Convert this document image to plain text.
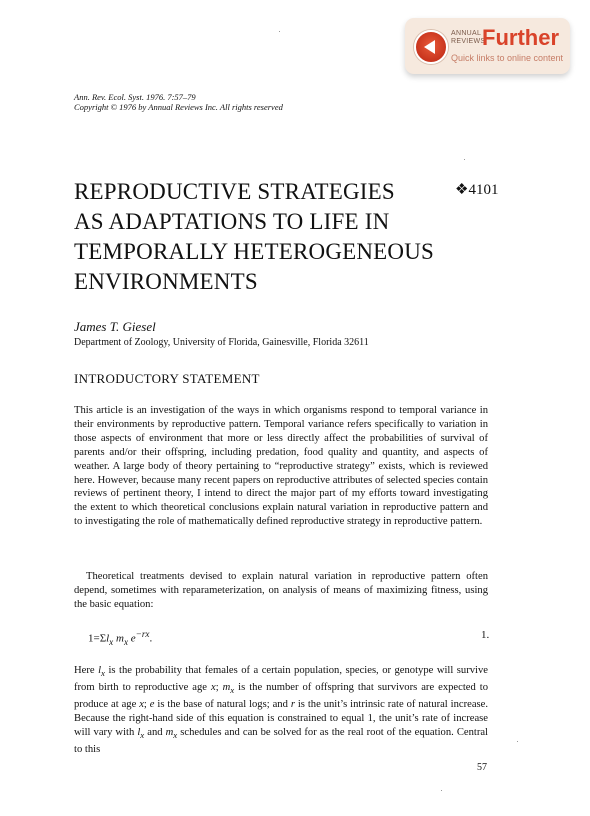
ANNUAL
REVIEWS
Further
Quick links to online content
Ann. Rev. Ecol. Syst. 1976. 7:57–79
Copyright © 1976 by Annual Reviews Inc. All rights reserved
REPRODUCTIVE STRATEGIES
AS ADAPTATIONS TO LIFE IN
TEMPORALLY HETEROGENEOUS
ENVIRONMENTS
❖4101
James T. Giesel
Department of Zoology, University of Florida, Gainesville, Florida 32611
INTRODUCTORY STATEMENT

This article is an investigation of the ways in which organisms respond to temporal variance in their environments by reproductive pattern. Temporal variance refers specifically to variation in those aspects of environment that more or less directly affect the probabilities of survival of parents and/or their offspring, including predation, food quality and quantity, and aspects of weather. A large body of theory pertaining to “reproductive strategy” exists, which is reviewed here. However, because many recent papers on reproductive attributes of selected species contain reviews of pertinent theory, I intend to direct the major part of my efforts toward investigating the extent to which theoretical conclusions explain natural variation in reproductive pattern and to investigating the role of mathematically defined reproductive strategy in reproductive pattern.

Theoretical treatments devised to explain natural variation in reproductive pattern often depend, sometimes with reparameterization, on analysis of means of maximizing fitness, using the basic equation:

$1=\Sigma l_x$ $m_x$ $e^{-rx}$.	1.

Here $l_x$ is the probability that females of a certain population, species, or genotype will survive from birth to reproductive age x; $m_x$ is the number of offspring that survivors are expected to produce at age x; e is the base of natural logs; and r is the unit’s intrinsic rate of natural increase. Because the right-hand side of this equation is constrained to equal 1, the unit’s rate of increase will vary with $l_x$ and $m_x$ schedules and can be solved for as the real root of the equation. Central to this

57
